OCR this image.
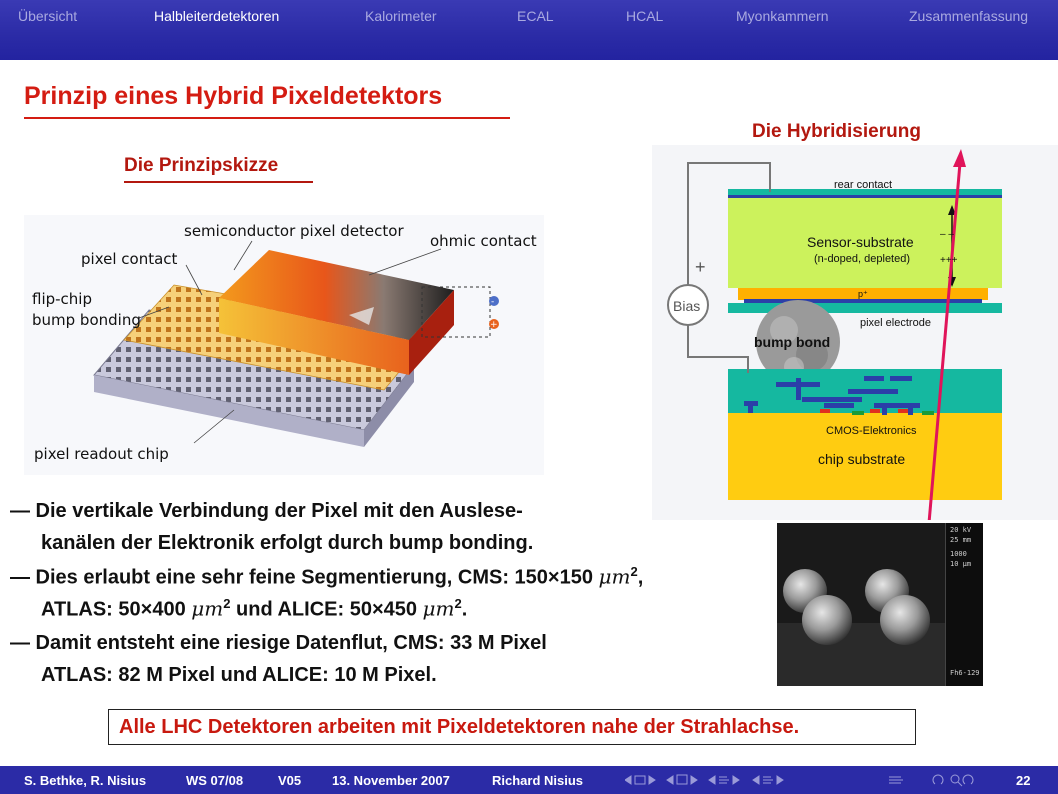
Übersicht	Halbleiterdetektoren	Kalorimeter	ECAL	HCAL	Myonkammern	Zusammenfassung
Prinzip eines Hybrid Pixeldetektors
Die Prinzipskizze
Die Hybridisierung
-
+
semiconductor pixel detector
ohmic contact
pixel contact
flip-chip
bump bonding
pixel readout chip
rear contact
Sensor-substrate
(n-doped, depleted)
p⁺
pixel electrode
bump bond
CMOS-Elektronics
chip substrate
Bias
+
– –
+++
— Die vertikale Verbindung der Pixel mit den Auslese-
kanälen der Elektronik erfolgt durch bump bonding.
— Dies erlaubt eine sehr feine Segmentierung, CMS: 150×150 $\mu m^2$,
ATLAS: 50×400 $\mu m^2$ und ALICE: 50×450 $\mu m^2$.
— Damit entsteht eine riesige Datenflut, CMS: 33 M Pixel
ATLAS: 82 M Pixel und ALICE: 10 M Pixel.
20 kV
25 mm
1000
10 μm
Fh6-129
Alle LHC Detektoren arbeiten mit Pixeldetektoren nahe der Strahlachse.
S. Bethke, R. Nisius	WS 07/08	V05 13. November 2007	Richard Nisius	22
